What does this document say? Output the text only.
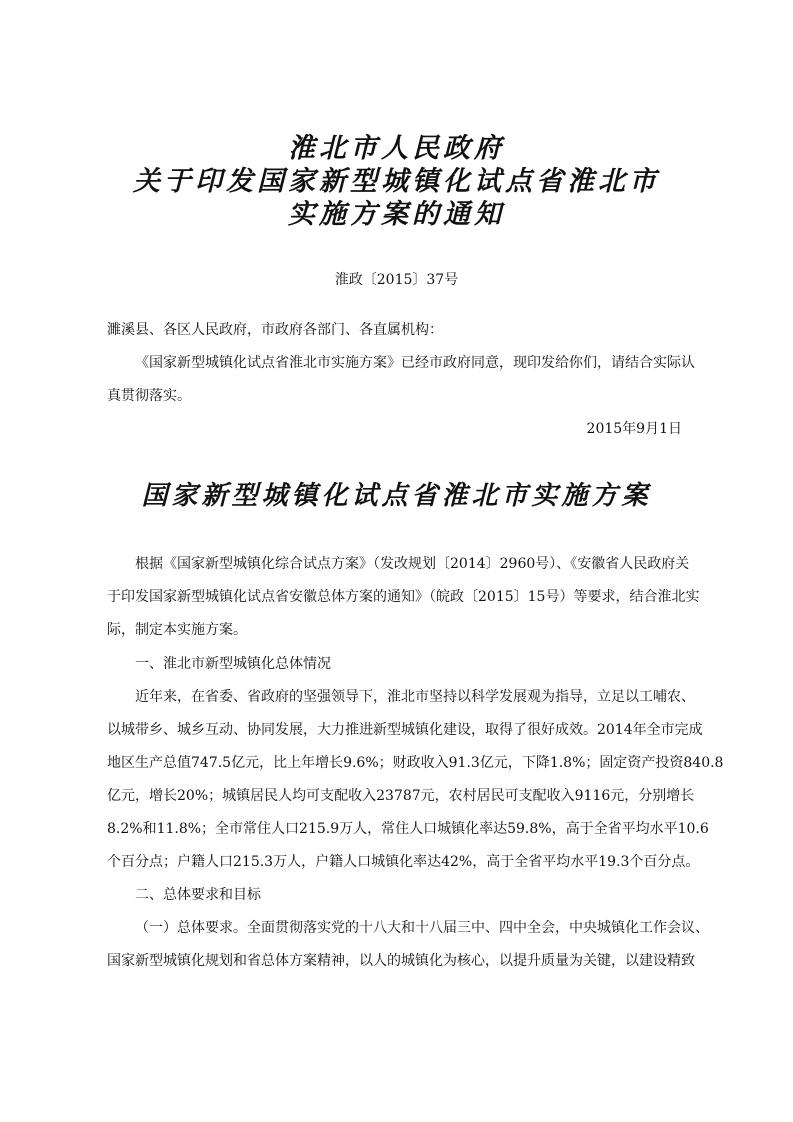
淮北市人民政府
关于印发国家新型城镇化试点省淮北市
实施方案的通知
淮政〔2015〕37号
濉溪县、各区人民政府，市政府各部门、各直属机构：
《国家新型城镇化试点省淮北市实施方案》已经市政府同意，现印发给你们，请结合实际认
真贯彻落实。
2015年9月1日
国家新型城镇化试点省淮北市实施方案
根据《国家新型城镇化综合试点方案》（发改规划〔2014〕2960号）、《安徽省人民政府关
于印发国家新型城镇化试点省安徽总体方案的通知》（皖政〔2015〕15号）等要求，结合淮北实
际，制定本实施方案。
一、淮北市新型城镇化总体情况
近年来，在省委、省政府的坚强领导下，淮北市坚持以科学发展观为指导，立足以工哺农、
以城带乡、城乡互动、协同发展，大力推进新型城镇化建设，取得了很好成效。2014年全市完成
地区生产总值747.5亿元，比上年增长9.6%；财政收入91.3亿元，下降1.8%；固定资产投资840.8
亿元，增长20%；城镇居民人均可支配收入23787元，农村居民可支配收入9116元，分别增长
8.2%和11.8%；全市常住人口215.9万人，常住人口城镇化率达59.8%，高于全省平均水平10.6
个百分点；户籍人口215.3万人，户籍人口城镇化率达42%，高于全省平均水平19.3个百分点。
二、总体要求和目标
（一）总体要求。全面贯彻落实党的十八大和十八届三中、四中全会，中央城镇化工作会议、
国家新型城镇化规划和省总体方案精神，以人的城镇化为核心，以提升质量为关键，以建设精致
